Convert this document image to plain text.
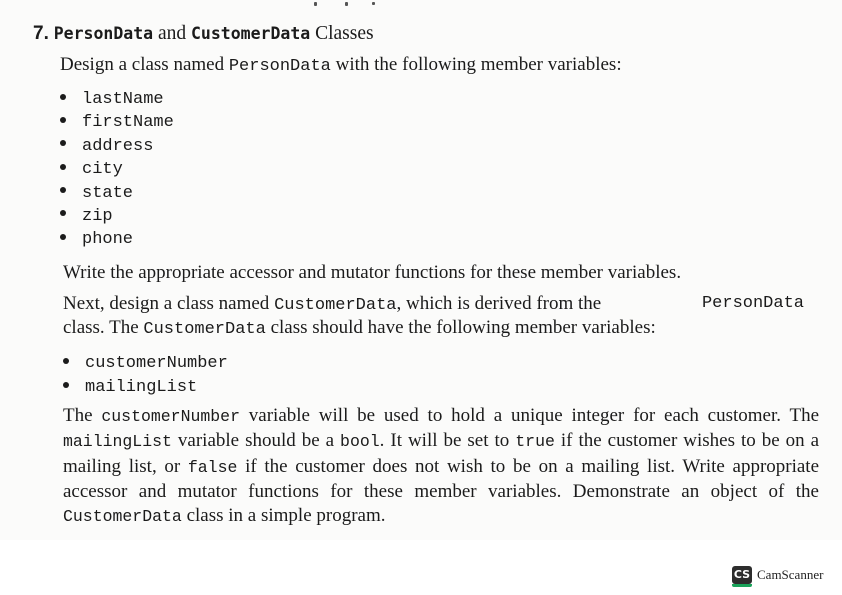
7. PersonData and CustomerData Classes
Design a class named PersonData with the following member variables:
lastName
firstName
address
city
state
zip
phone
Write the appropriate accessor and mutator functions for these member variables.
Next, design a class named CustomerData, which is derived from the	PersonData
class. The CustomerData class should have the following member variables:
customerNumber
mailingList
The customerNumber variable will be used to hold a unique integer for each customer. The mailingList variable should be a bool. It will be set to true if the customer wishes to be on a mailing list, or false if the customer does not wish to be on a mailing list. Write appropriate accessor and mutator functions for these member variables. Demonstrate an object of the CustomerData class in a simple program.
CS CamScanner
